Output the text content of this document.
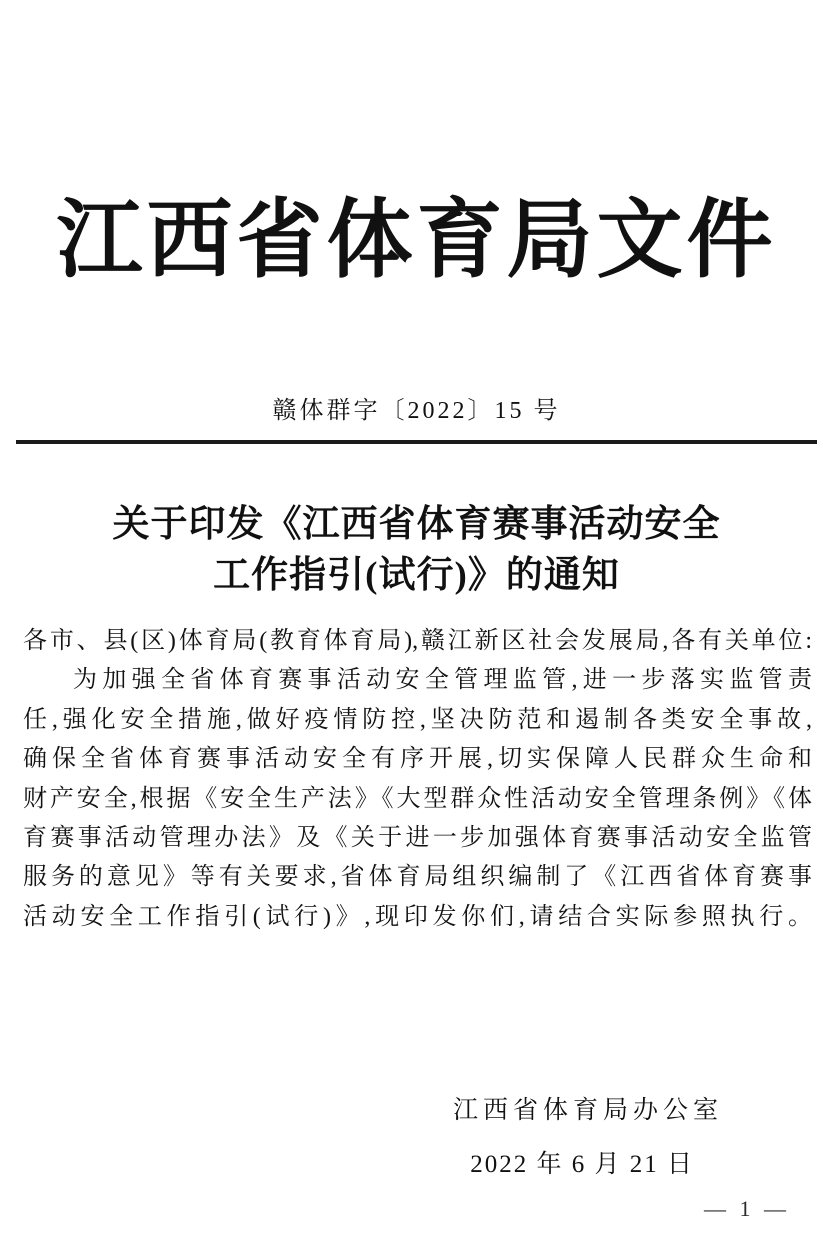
江西省体育局文件
赣体群字〔2022〕15 号
关于印发《江西省体育赛事活动安全
工作指引(试行)》的通知
各市、县(区)体育局(教育体育局),赣江新区社会发展局,各有关单位:
为加强全省体育赛事活动安全管理监管,进一步落实监管责
任,强化安全措施,做好疫情防控,坚决防范和遏制各类安全事故,
确保全省体育赛事活动安全有序开展,切实保障人民群众生命和
财产安全,根据《安全生产法》《大型群众性活动安全管理条例》《体
育赛事活动管理办法》及《关于进一步加强体育赛事活动安全监管
服务的意见》等有关要求,省体育局组织编制了《江西省体育赛事
活动安全工作指引(试行)》,现印发你们,请结合实际参照执行。
江西省体育局办公室
2022 年 6 月 21 日
— 1 —
